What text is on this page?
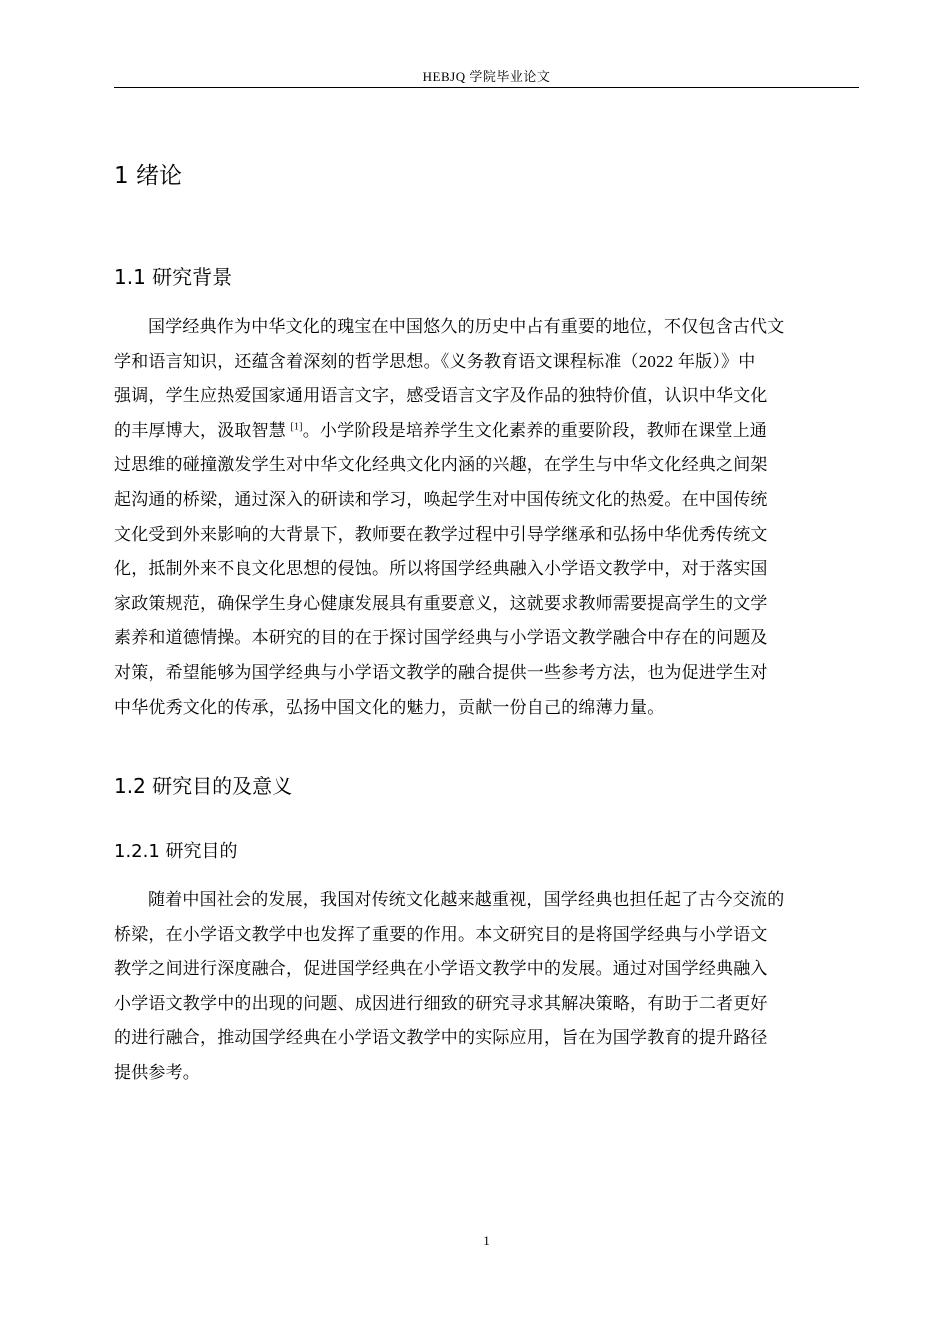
HEBJQ 学院毕业论文
1 绪论
1.1 研究背景
国学经典作为中华文化的瑰宝在中国悠久的历史中占有重要的地位，不仅包含古代文
学和语言知识，还蕴含着深刻的哲学思想。《义务教育语文课程标准（2022 年版）》中
强调，学生应热爱国家通用语言文字，感受语言文字及作品的独特价值，认识中华文化
的丰厚博大，汲取智慧 [1]。小学阶段是培养学生文化素养的重要阶段，教师在课堂上通
过思维的碰撞激发学生对中华文化经典文化内涵的兴趣，在学生与中华文化经典之间架
起沟通的桥梁，通过深入的研读和学习，唤起学生对中国传统文化的热爱。在中国传统
文化受到外来影响的大背景下，教师要在教学过程中引导学继承和弘扬中华优秀传统文
化，抵制外来不良文化思想的侵蚀。所以将国学经典融入小学语文教学中，对于落实国
家政策规范，确保学生身心健康发展具有重要意义，这就要求教师需要提高学生的文学
素养和道德情操。本研究的目的在于探讨国学经典与小学语文教学融合中存在的问题及
对策，希望能够为国学经典与小学语文教学的融合提供一些参考方法，也为促进学生对
中华优秀文化的传承，弘扬中国文化的魅力，贡献一份自己的绵薄力量。
1.2 研究目的及意义
1.2.1 研究目的
随着中国社会的发展，我国对传统文化越来越重视，国学经典也担任起了古今交流的
桥梁，在小学语文教学中也发挥了重要的作用。本文研究目的是将国学经典与小学语文
教学之间进行深度融合，促进国学经典在小学语文教学中的发展。通过对国学经典融入
小学语文教学中的出现的问题、成因进行细致的研究寻求其解决策略，有助于二者更好
的进行融合，推动国学经典在小学语文教学中的实际应用，旨在为国学教育的提升路径
提供参考。
1
